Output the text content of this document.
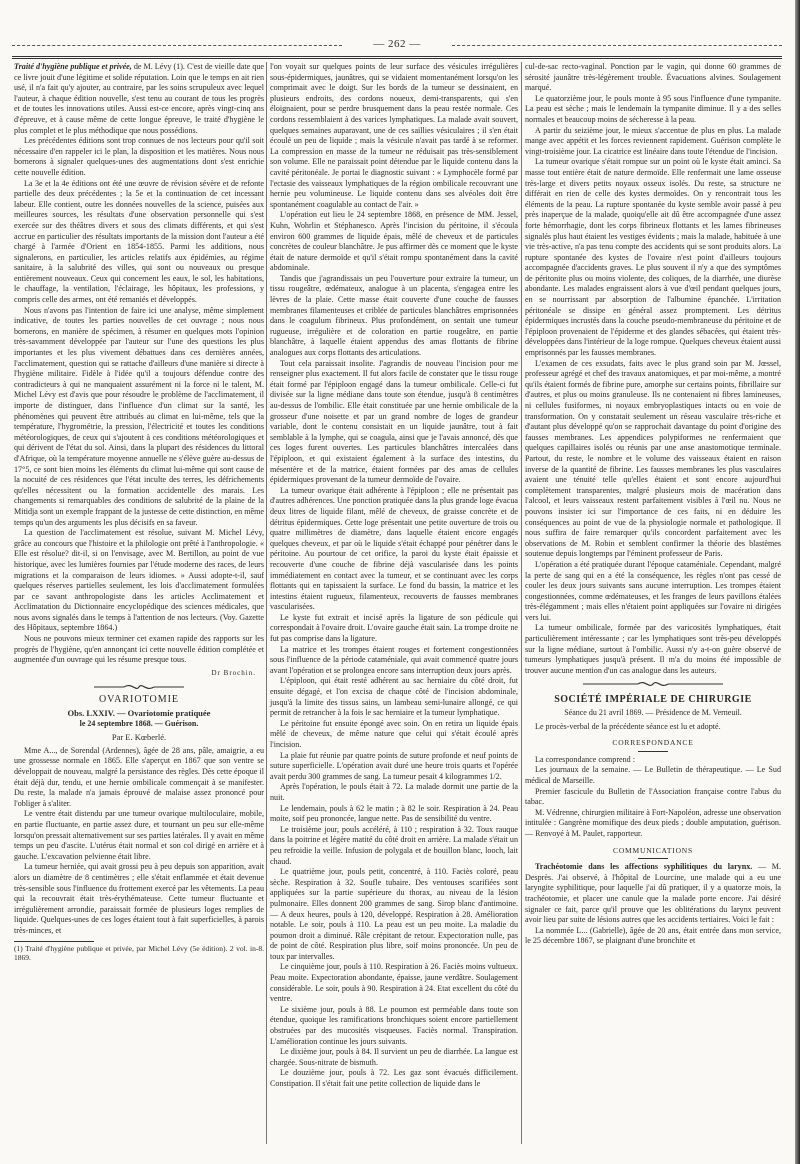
— 262 —

Traité d'hygiène publique et privée, de M. Lévy (1). C'est de vieille date que ce livre jouit d'une légitime et solide réputation. Loin que le temps en ait rien usé, il n'a fait qu'y ajouter, au contraire, par les soins scrupuleux avec lequel l'auteur, à chaque édition nouvelle, s'est tenu au courant de tous les progrès et de toutes les innovations utiles. Aussi est-ce encore, après vingt-cinq ans d'épreuve, et à cause même de cette longue épreuve, le traité d'hygiène le plus complet et le plus méthodique que nous possédions.

Les précédentes éditions sont trop connues de nos lecteurs pour qu'il soit nécessaire d'en rappeler ici le plan, la disposition et les matières. Nous nous bornerons à signaler quelques-unes des augmentations dont s'est enrichie cette nouvelle édition.

La 3e et la 4e éditions ont été une œuvre de révision sévère et de refonte partielle des deux précédentes ; la 5e et la continuation de cet incessant labeur. Elle contient, outre les données nouvelles de la science, puisées aux meilleures sources, les résultats d'une observation personnelle qui s'est exercée sur des théâtres divers et sous des climats différents, et qui s'est accrue en particulier des résultats importants de la mission dont l'auteur a été chargé à l'armée d'Orient en 1854-1855. Parmi les additions, nous signalerons, en particulier, les articles relatifs aux épidémies, au régime sanitaire, à la salubrité des villes, qui sont ou nouveaux ou presque entièrement nouveaux. Ceux qui concernent les eaux, le sol, les habitations, le chauffage, la ventilation, l'éclairage, les hôpitaux, les professions, y compris celle des armes, ont été remaniés et développés.

Nous n'avons pas l'intention de faire ici une analyse, même simplement indicative, de toutes les parties nouvelles de cet ouvrage ; nous nous bornerons, en manière de spécimen, à résumer en quelques mots l'opinion très-savamment développée par l'auteur sur l'une des questions les plus importantes et les plus vivement débattues dans ces dernières années, l'acclimatement, question qui se rattache d'ailleurs d'une manière si directe à l'hygiène militaire. Fidèle à l'idée qu'il a toujours défendue contre des contradicteurs à qui ne manquaient assurément ni la force ni le talent, M. Michel Lévy est d'avis que pour résoudre le problème de l'acclimatement, il importe de distinguer, dans l'influence d'un climat sur la santé, les phénomènes qui peuvent être attribués au climat en lui-même, tels que la température, l'hygrométrie, la pression, l'électricité et toutes les conditions météorologiques, de ceux qui s'ajoutent à ces conditions météorologiques et qui dérivent de l'état du sol. Ainsi, dans la plupart des résidences du littoral d'Afrique, où la température moyenne annuelle ne s'élève guère au-dessus de 17°5, ce sont bien moins les éléments du climat lui-même qui sont cause de la nocuité de ces résidences que l'état inculte des terres, les défrichements qu'elles nécessitent ou la formation accidentelle des marais. Les changements si remarquables des conditions de salubrité de la plaine de la Mitidja sont un exemple frappant de la justesse de cette distinction, en même temps qu'un des arguments les plus décisifs en sa faveur.

La question de l'acclimatement est résolue, suivant M. Michel Lévy, grâce au concours que l'histoire et la philologie ont prêté à l'anthropologie. « Elle est résolue? dit-il, si on l'envisage, avec M. Bertillon, au point de vue historique, avec les lumières fournies par l'étude moderne des races, de leurs migrations et la comparaison de leurs idiomes. » Aussi adopte-t-il, sauf quelques réserves partielles seulement, les lois d'acclimatement formulées par ce savant anthropologiste dans les articles Acclimatement et Acclimatation du Dictionnaire encyclopédique des sciences médicales, que nous avons signalés dans le temps à l'attention de nos lecteurs. (Voy. Gazette des Hôpitaux, septembre 1864.)

Nous ne pouvons mieux terminer cet examen rapide des rapports sur les progrès de l'hygiène, qu'en annonçant ici cette nouvelle édition complétée et augmentée d'un ouvrage qui les résume presque tous.

Dr Brochin.
OVARIOTOMIE
Obs. LXXIV. — Ovariotomie pratiquée
le 24 septembre 1868. — Guérison.
Par E. Kœberlé.

Mme A..., de Sorendal (Ardennes), âgée de 28 ans, pâle, amaigrie, a eu une grossesse normale en 1865. Elle s'aperçut en 1867 que son ventre se développait de nouveau, malgré la persistance des règles. Dès cette époque il était déjà dur, tendu, et une hernie ombilicale commençait à se manifester. Du reste, la malade n'a jamais éprouvé de malaise assez prononcé pour l'obliger à s'aliter.

Le ventre était distendu par une tumeur ovarique multiloculaire, mobile, en partie fluctuante, en partie assez dure, et tournant un peu sur elle-même lorsqu'on pressait alternativement sur ses parties latérales. Il y avait en même temps un peu d'ascite. L'utérus était normal et son col dirigé en arrière et à gauche. L'excavation pelvienne était libre.

La tumeur herniée, qui avait grossi peu à peu depuis son apparition, avait alors un diamètre de 8 centimètres ; elle s'était enflammée et était devenue très-sensible sous l'influence du frottement exercé par les vêtements. La peau qui la recouvrait était très-érythémateuse. Cette tumeur fluctuante et irrégulièrement arrondie, paraissait formée de plusieurs loges remplies de liquide. Quelques-unes de ces loges étaient tout à fait superficielles, à parois très-minces, et

(1) Traité d'hygiène publique et privée, par Michel Lévy (5e édition). 2 vol. in-8. 1869.

l'on voyait sur quelques points de leur surface des vésicules irrégulières sous-épidermiques, jaunâtres, qui se vidaient momentanément lorsqu'on les comprimait avec le doigt. Sur les bords de la tumeur se dessinaient, en plusieurs endroits, des cordons noueux, demi-transparents, qui s'en éloignaient, pour se perdre brusquement dans la peau restée normale. Ces cordons ressemblaient à des varices lymphatiques. La malade avait souvert, quelques semaines auparavant, une de ces saillies vésiculaires ; il s'en était écoulé un peu de liquide ; mais la vésicule n'avait pas tardé à se reformer. La compression en masse de la tumeur ne réduisait pas très-sensiblement son volume. Elle ne paraissait point détendue par le liquide contenu dans la cavité péritonéale. Je portai le diagnostic suivant : « Lymphocèle formé par l'ectasie des vaisseaux lymphatiques de la région ombilicale recouvrant une hernie peu volumineuse. Le liquide contenu dans ses alvéoles doit être spontanément coagulable au contact de l'air. »

L'opération eut lieu le 24 septembre 1868, en présence de MM. Jessel, Kuhn, Wohrlin et Stéphanesco. Après l'incision du péritoine, il s'écoula environ 600 grammes de liquide épais, mêlé de cheveux et de particules concrètes de couleur blanchâtre. Je pus affirmer dès ce moment que le kyste était de nature dermoïde et qu'il s'était rompu spontanément dans la cavité abdominale.

Tandis que j'agrandissais un peu l'ouverture pour extraire la tumeur, un tissu rougeâtre, œdémateux, analogue à un placenta, s'engagea entre les lèvres de la plaie. Cette masse était couverte d'une couche de fausses membranes filamenteuses et criblée de particules blanchâtres emprisonnées dans le coagulum fibrineux. Plus profondément, on sentait une tumeur rugueuse, irrégulière et de coloration en partie rougeâtre, en partie blanchâtre, à laquelle étaient appendus des amas flottants de fibrine analogues aux corps flottants des articulations.

Tout cela paraissait insolite. J'agrandis de nouveau l'incision pour me renseigner plus exactement. Il fut alors facile de constater que le tissu rouge était formé par l'épiploon engagé dans la tumeur ombilicale. Celle-ci fut divisée sur la ligne médiane dans toute son étendue, jusqu'à 8 centimètres au-dessus de l'ombilic. Elle était constituée par une hernie ombilicale de la grosseur d'une noisette et par un grand nombre de loges de grandeur variable, dont le contenu consistait en un liquide jaunâtre, tout à fait semblable à la lymphe, qui se coagula, ainsi que je l'avais annoncé, dès que ces loges furent ouvertes. Les particules blanchâtres intercalées dans l'épiploon, et qui existaient également à la surface des intestins, du mésentère et de la matrice, étaient formées par des amas de cellules épidermiques provenant de la tumeur dermoïde de l'ovaire.

La tumeur ovarique était adhérente à l'épiploon ; elle ne présentait pas d'autres adhérences. Une ponction pratiquée dans la plus grande loge évacua deux litres de liquide filant, mêlé de cheveux, de graisse concrète et de détritus épidermiques. Cette loge présentait une petite ouverture de trois ou quatre millimètres de diamètre, dans laquelle étaient encore engagés quelques cheveux, et par où le liquide s'était échappé pour pénétrer dans le péritoine. Au pourtour de cet orifice, la paroi du kyste était épaissie et recouverte d'une couche de fibrine déjà vascularisée dans les points immédiatement en contact avec la tumeur, et se continuant avec les corps flottants qui en tapissaient la surface. Le fond du bassin, la matrice et les intestins étaient rugueux, filamenteux, recouverts de fausses membranes vascularisées.

Le kyste fut extrait et incisé après la ligature de son pédicule qui correspondait à l'ovaire droit. L'ovaire gauche était sain. La trompe droite ne fut pas comprise dans la ligature.

La matrice et les trompes étaient rouges et fortement congestionnées sous l'influence de la période cataméniale, qui avait commencé quatre jours avant l'opération et se prolongea encore sans interruption deux jours après.

L'épiploon, qui était resté adhérent au sac herniaire du côté droit, fut ensuite dégagé, et l'on excisa de chaque côté de l'incision abdominale, jusqu'à la limite des tissus sains, un lambeau semi-lunaire allongé, ce qui permit de retrancher à la fois le sac herniaire et la tumeur lymphatique.

Le péritoine fut ensuite épongé avec soin. On en retira un liquide épais mêlé de cheveux, de même nature que celui qui s'était écoulé après l'incision.

La plaie fut réunie par quatre points de suture profonde et neuf points de suture superficielle. L'opération avait duré une heure trois quarts et l'opérée avait perdu 300 grammes de sang. La tumeur pesait 4 kilogrammes 1/2.

Après l'opération, le pouls était à 72. La malade dormit une partie de la nuit.

Le lendemain, pouls à 62 le matin ; à 82 le soir. Respiration à 24. Peau moite, soif peu prononcée, langue nette. Pas de sensibilité du ventre.

Le troisième jour, pouls accéléré, à 110 ; respiration à 32. Toux rauque dans la poitrine et légère matité du côté droit en arrière. La malade s'était un peu refroidie la veille. Infusion de polygala et de bouillon blanc, looch, lait chaud.

Le quatrième jour, pouls petit, concentré, à 110. Faciès coloré, peau sèche. Respiration à 32. Soufle tubaire. Des ventouses scarifiées sont appliquées sur la partie supérieure du thorax, au niveau de la lésion pulmonaire. Elles donnent 200 grammes de sang. Sirop blanc d'antimoine. — A deux heures, pouls à 120, développé. Respiration à 28. Amélioration notable. Le soir, pouls à 110. La peau est un peu moite. La maladie du poumon droit a diminué. Râle crépitant de retour. Expectoration nulle, pas de point de côté. Respiration plus libre, soif moins prononcée. Un peu de toux par intervalles.

Le cinquième jour, pouls à 110. Respiration à 26. Faciès moins vultueux. Peau moite. Expectoration abondante, épaisse, jaune verdâtre. Soulagement considérable. Le soir, pouls à 90. Respiration à 24. Etat excellent du côté du ventre.

Le sixième jour, pouls à 88. Le poumon est perméable dans toute son étendue, quoique les ramifications bronchiques soient encore partiellement obstruées par des mucosités visqueuses. Faciès normal. Transpiration. L'amélioration continue les jours suivants.

Le dixième jour, pouls à 84. Il survient un peu de diarrhée. La langue est chargée. Sous-nitrate de bismuth.

Le douzième jour, pouls à 72. Les gaz sont évacués difficilement. Constipation. Il s'était fait une petite collection de liquide dans le

cul-de-sac recto-vaginal. Ponction par le vagin, qui donne 60 grammes de sérosité jaunâtre très-légèrement trouble. Évacuations alvines. Soulagement marqué.

Le quatorzième jour, le pouls monte à 95 sous l'influence d'une tympanite. La peau est sèche ; mais le lendemain la tympanite diminue. Il y a des selles normales et beaucoup moins de sécheresse à la peau.

A partir du seizième jour, le mieux s'accentue de plus en plus. La malade mange avec appétit et les forces reviennent rapidement. Guérison complète le vingt-troisième jour. La cicatrice est linéaire dans toute l'étendue de l'incision.

La tumeur ovarique s'était rompue sur un point où le kyste était aminci. Sa masse tout entière était de nature dermoïde. Elle renfermait une lame osseuse très-large et divers petits noyaux osseux isolés. Du reste, sa structure ne différait en rien de celle des kystes dermoïdes. On y rencontrait tous les éléments de la peau. La rupture spontanée du kyste semble avoir passé à peu près inaperçue de la malade, quoiqu'elle ait dû être accompagnée d'une assez forte hémorrhagie, dont les corps fibrineux flottants et les lames fibrineuses signalés plus haut étaient les vestiges évidents ; mais la malade, habituée à une vie très-active, n'a pas tenu compte des accidents qui se sont produits alors. La rupture spontanée des kystes de l'ovaire n'est point d'ailleurs toujours accompagnée d'accidents graves. Le plus souvent il n'y a que des symptômes de péritonite plus ou moins violente, des coliques, de la diarrhée, une diurèse abondante. Les malades engraissent alors à vue d'œil pendant quelques jours, en se nourrissant par absorption de l'albumine épanchée. L'irritation péritonéale se dissipe en général assez promptement. Les détritus épidermiques incrustés dans la couche pseudo-membraneuse du péritoine et de l'épiploon provenaient de l'épiderme et des glandes sébacées, qui étaient très-développées dans l'intérieur de la loge rompue. Quelques cheveux étaient aussi emprisonnés par les fausses membranes.

L'examen de ces exsudats, faits avec le plus grand soin par M. Jœssel, professeur agrégé et chef des travaux anatomiques, et par moi-même, a montré qu'ils étaient formés de fibrine pure, amorphe sur certains points, fibrillaire sur d'autres, et plus ou moins granuleuse. Ils ne contenaient ni fibres lamineuses, ni cellules fusiformes, ni noyaux embryoplastiques intacts ou en voie de transformation. On y constatait seulement un réseau vasculaire très-riche et d'autant plus développé qu'on se rapprochait davantage du point d'origine des fausses membranes. Les appendices polypiformes ne renfermaient que quelques capillaires isolés ou réunis par une anse anastomotique terminale. Partout, du reste, le nombre et le volume des vaisseaux étaient en raison inverse de la quantité de fibrine. Les fausses membranes les plus vasculaires avaient une ténuité telle qu'elles étaient et sont encore aujourd'hui complètement transparentes, malgré plusieurs mois de macération dans l'alcool, et leurs vaisseaux restent parfaitement visibles à l'œil nu. Nous ne pouvons insister ici sur l'importance de ces faits, ni en déduire les conséquences au point de vue de la physiologie normale et pathologique. Il nous suffira de faire remarquer qu'ils concordent parfaitement avec les observations de M. Robin et semblent confirmer la théorie des blastèmes soutenue depuis longtemps par l'éminent professeur de Paris.

L'opération a été pratiquée durant l'époque cataméniale. Cependant, malgré la perte de sang qui en a été la conséquence, les règles n'ont pas cessé de couler les deux jours suivants sans aucune interruption. Les trompes étaient congestionnées, comme œdémateuses, et les franges de leurs pavillons étalées très-élégamment ; mais elles n'étaient point appliquées sur l'ovaire ni dirigées vers lui.

La tumeur ombilicale, formée par des varicosités lymphatiques, était particulièrement intéressante ; car les lymphatiques sont très-peu développés sur la ligne médiane, surtout à l'ombilic. Aussi n'y a-t-on guère observé de tumeurs lymphatiques jusqu'à présent. Il m'a du moins été impossible de trouver aucune mention d'un cas analogue dans les auteurs.

SOCIÉTÉ IMPÉRIALE DE CHIRURGIE
Séance du 21 avril 1869. — Présidence de M. Verneuil.

Le procès-verbal de la précédente séance est lu et adopté.

CORRESPONDANCE

La correspondance comprend :

Les journaux de la semaine. — Le Bulletin de thérapeutique. — Le Sud médical de Marseille.

Premier fascicule du Bulletin de l'Association française contre l'abus du tabac.

M. Védrenne, chirurgien militaire à Fort-Napoléon, adresse une observation intitulée : Gangrène momifique des deux pieds ; double amputation, guérison. — Renvoyé à M. Paulet, rapporteur.

COMMUNICATIONS

Trachéotomie dans les affections syphilitiques du larynx. — M. Desprès. J'ai observé, à l'hôpital de Lourcine, une malade qui a eu une laryngite syphilitique, pour laquelle j'ai dû pratiquer, il y a quatorze mois, la trachéotomie, et placer une canule que la malade porte encore. J'ai désiré signaler ce fait, parce qu'il prouve que les oblitérations du larynx peuvent avoir lieu par suite de lésions autres que les accidents tertiaires. Voici le fait :

La nommée L... (Gabrielle), âgée de 20 ans, était entrée dans mon service, le 25 décembre 1867, se plaignant d'une bronchite et
